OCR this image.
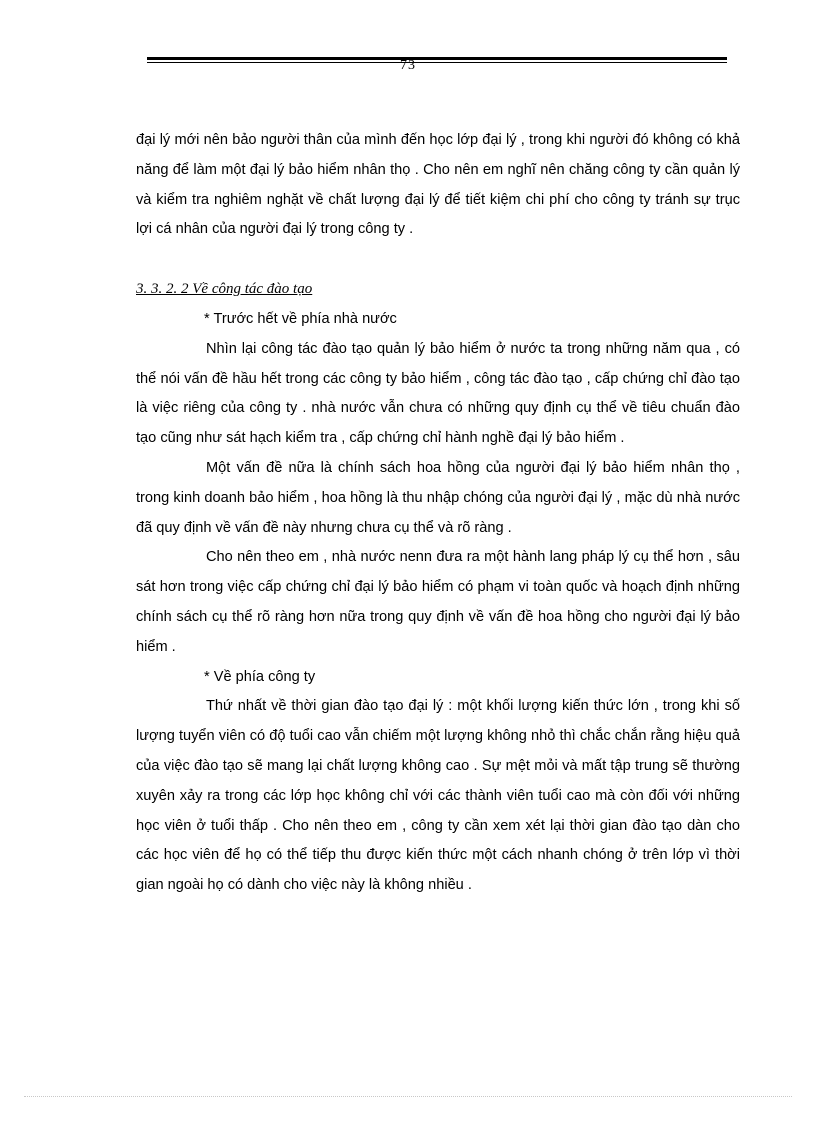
73

đại lý mới nên bảo người thân của mình đến học lớp đại lý , trong khi người đó không có khả năng để làm một đại lý bảo hiểm nhân thọ . Cho nên em nghĩ nên chăng công ty cần quản lý và kiểm tra nghiêm nghặt về chất lượng đại lý để tiết kiệm chi phí cho công ty tránh sự trục lợi cá nhân của người đại lý trong công ty .

3. 3. 2. 2 Về công tác đào tạo

* Trước hết về phía nhà nước

Nhìn lại công tác đào tạo quản lý bảo hiểm ở nước ta trong những năm qua , có thể nói vấn đề hầu hết trong các công ty bảo hiểm , công tác đào tạo , cấp chứng chỉ đào tạo là việc riêng của công ty . nhà nước vẫn chưa có những quy định cụ thể về tiêu chuẩn đào tạo cũng như sát hạch kiểm tra , cấp chứng chỉ hành nghề đại lý bảo hiểm .

Một vấn đề nữa là chính sách hoa hồng của người đại lý bảo hiểm nhân thọ , trong kinh doanh bảo hiểm , hoa hồng là thu nhập chóng của người đại lý , mặc dù nhà nước đã quy định về vấn đề này nhưng chưa cụ thể và rõ ràng .

Cho nên theo em , nhà nước nenn đưa ra một hành lang pháp lý cụ thể hơn , sâu sát hơn trong việc cấp chứng chỉ đại lý bảo hiểm có phạm vi toàn quốc và hoạch định những chính sách cụ thể rõ ràng hơn nữa trong quy định về vấn đề hoa hồng cho người đại lý bảo hiểm .

* Về phía công ty

Thứ nhất về thời gian đào tạo đại lý : một khối lượng kiến thức lớn , trong khi số lượng tuyển viên có độ tuổi cao vẫn chiếm một lượng không nhỏ thì chắc chắn rằng hiệu quả của việc đào tạo sẽ mang lại chất lượng không cao . Sự mệt mỏi và mất tập trung sẽ thường xuyên xảy ra trong các lớp học không chỉ với các thành viên tuổi cao mà còn đối với những học viên ở tuổi thấp . Cho nên theo em , công ty cần xem xét lại thời gian đào tạo dàn cho các học viên để họ có thể tiếp thu được kiến thức một cách nhanh chóng ở trên lớp vì thời gian ngoài họ có dành cho việc này là không nhiều .
